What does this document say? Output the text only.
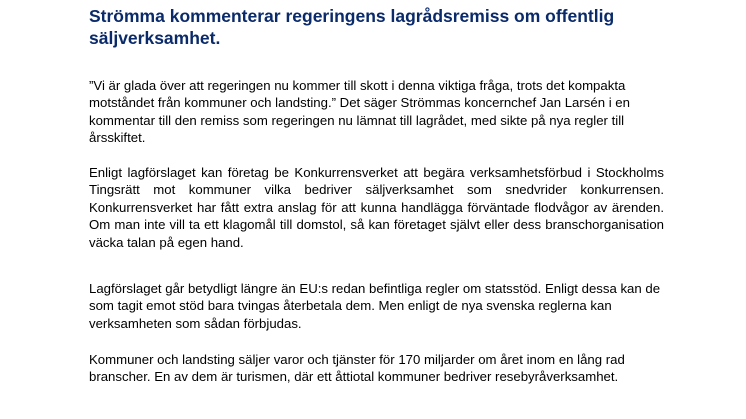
Strömma kommenterar regeringens lagrådsremiss om offentlig säljverksamhet.

”Vi är glada över att regeringen nu kommer till skott i denna viktiga fråga, trots det kompakta motståndet från kommuner och landsting.” Det säger Strömmas koncernchef Jan Larsén i en kommentar till den remiss som regeringen nu lämnat till lagrådet, med sikte på nya regler till årsskiftet.

Enligt lagförslaget kan företag be Konkurrensverket att begära verksamhetsförbud i Stockholms Tingsrätt mot kommuner vilka bedriver säljverksamhet som snedvrider konkurrensen. Konkurrensverket har fått extra anslag för att kunna handlägga förväntade flodvågor av ärenden. Om man inte vill ta ett klagomål till domstol, så kan företaget självt eller dess branschorganisation väcka talan på egen hand.

Lagförslaget går betydligt längre än EU:s redan befintliga regler om statsstöd. Enligt dessa kan de som tagit emot stöd bara tvingas återbetala dem. Men enligt de nya svenska reglerna kan verksamheten som sådan förbjudas.

Kommuner och landsting säljer varor och tjänster för 170 miljarder om året inom en lång rad branscher. En av dem är turismen, där ett åttiotal kommuner bedriver resebyråverksamhet.
